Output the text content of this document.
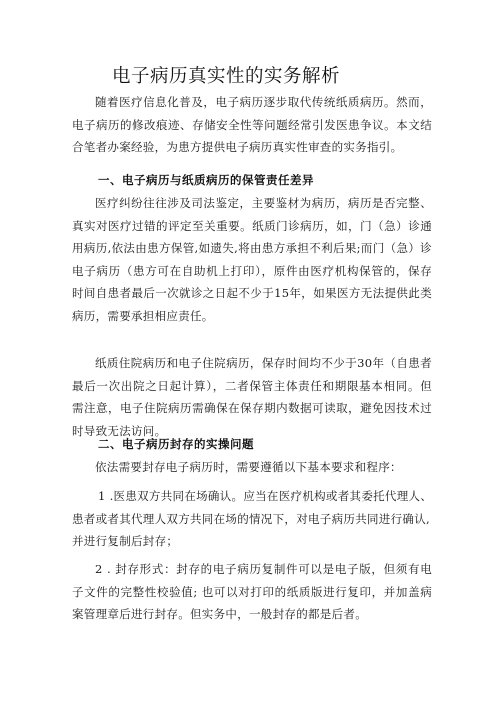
电子病历真实性的实务解析

随着医疗信息化普及，电子病历逐步取代传统纸质病历。然而，电子病历的修改痕迹、存储安全性等问题经常引发医患争议。本文结合笔者办案经验，为患方提供电子病历真实性审查的实务指引。

一、电子病历与纸质病历的保管责任差异

医疗纠纷往往涉及司法鉴定，主要鉴材为病历，病历是否完整、真实对医疗过错的评定至关重要。纸质门诊病历，如，门（急）诊通用病历,依法由患方保管,如遗失,将由患方承担不利后果;而门（急）诊电子病历（患方可在自助机上打印），原件由医疗机构保管的，保存时间自患者最后一次就诊之日起不少于15年，如果医方无法提供此类病历，需要承担相应责任。

纸质住院病历和电子住院病历，保存时间均不少于30年（自患者最后一次出院之日起计算），二者保管主体责任和期限基本相同。但需注意，电子住院病历需确保在保存期内数据可读取，避免因技术过时导致无法访问。

二、电子病历封存的实操问题

依法需要封存电子病历时，需要遵循以下基本要求和程序：

1 .医患双方共同在场确认。应当在医疗机构或者其委托代理人、
患者或者其代理人双方共同在场的情况下，对电子病历共同进行确认,
并进行复制后封存；

2 . 封存形式：封存的电子病历复制件可以是电子版，但须有电子文件的完整性校验值; 也可以对打印的纸质版进行复印，并加盖病案管理章后进行封存。但实务中，一般封存的都是后者。
